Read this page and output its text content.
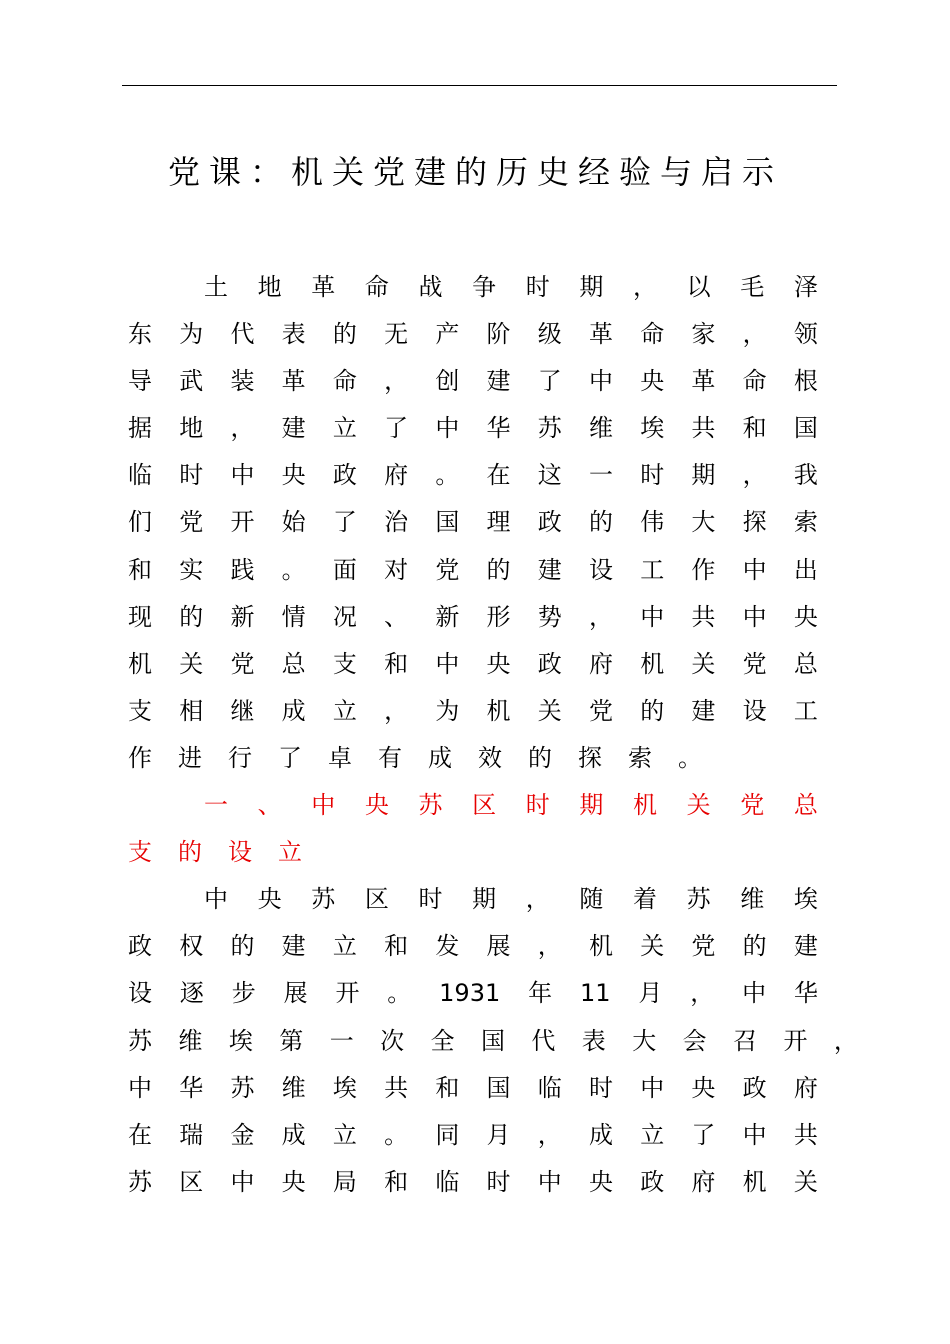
党课：机关党建的历史经验与启示
土 地 革 命 战 争 时 期 ， 以 毛 泽
东 为 代 表 的 无 产 阶 级 革 命 家 ， 领
导 武 装 革 命 ， 创 建 了 中 央 革 命 根
据 地 ， 建 立 了 中 华 苏 维 埃 共 和 国
临 时 中 央 政 府 。 在 这 一 时 期 ， 我
们 党 开 始 了 治 国 理 政 的 伟 大 探 索
和 实 践 。 面 对 党 的 建 设 工 作 中 出
现 的 新 情 况 、 新 形 势 ， 中 共 中 央
机 关 党 总 支 和 中 央 政 府 机 关 党 总
支 相 继 成 立 ， 为 机 关 党 的 建 设 工
作 进 行 了 卓 有 成 效 的 探 索 。
一 、 中 央 苏 区 时 期 机 关 党 总
支 的 设 立
中 央 苏 区 时 期 ， 随 着 苏 维 埃
政 权 的 建 立 和 发 展 ， 机 关 党 的 建
设 逐 步 展 开 。 1931 年 11 月 ， 中 华
苏 维 埃 第 一 次 全 国 代 表 大 会 召 开 ，
中 华 苏 维 埃 共 和 国 临 时 中 央 政 府
在 瑞 金 成 立 。 同 月 ， 成 立 了 中 共
苏 区 中 央 局 和 临 时 中 央 政 府 机 关
